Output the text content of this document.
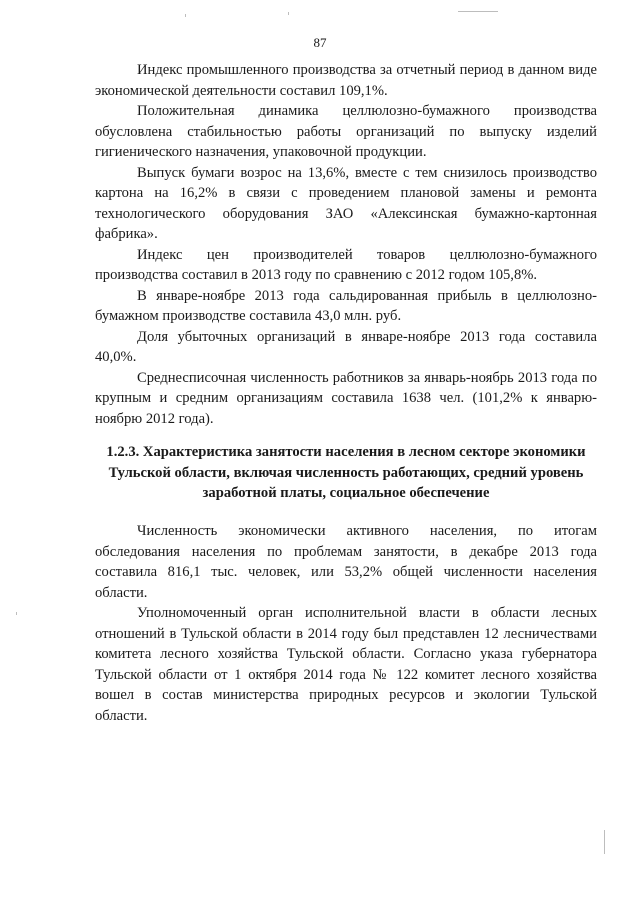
87

Индекс промышленного производства за отчетный период в данном виде экономической деятельности составил 109,1%.

Положительная динамика целлюлозно-бумажного производства обусловлена стабильностью работы организаций по выпуску изделий гигиенического назначения, упаковочной продукции.

Выпуск бумаги возрос на 13,6%, вместе с тем снизилось производство картона на 16,2% в связи с проведением плановой замены и ремонта технологического оборудования ЗАО «Алексинская бумажно-картонная фабрика».

Индекс цен производителей товаров целлюлозно-бумажного производства составил в 2013 году по сравнению с 2012 годом 105,8%.

В январе-ноябре 2013 года сальдированная прибыль в целлюлозно-бумажном производстве составила 43,0 млн. руб.

Доля убыточных организаций в январе-ноябре 2013 года составила 40,0%.

Среднесписочная численность работников за январь-ноябрь 2013 года по крупным и средним организациям составила 1638 чел. (101,2% к январю-ноябрю 2012 года).

1.2.3. Характеристика занятости населения в лесном секторе экономики Тульской области, включая численность работающих, средний уровень заработной платы, социальное обеспечение

Численность экономически активного населения, по итогам обследования населения по проблемам занятости, в декабре 2013 года составила 816,1 тыс. человек, или 53,2% общей численности населения области.

Уполномоченный орган исполнительной власти в области лесных отношений в Тульской области в 2014 году был представлен 12 лесничествами комитета лесного хозяйства Тульской области. Согласно указа губернатора Тульской области от 1 октября 2014 года № 122 комитет лесного хозяйства вошел в состав министерства природных ресурсов и экологии Тульской области.
